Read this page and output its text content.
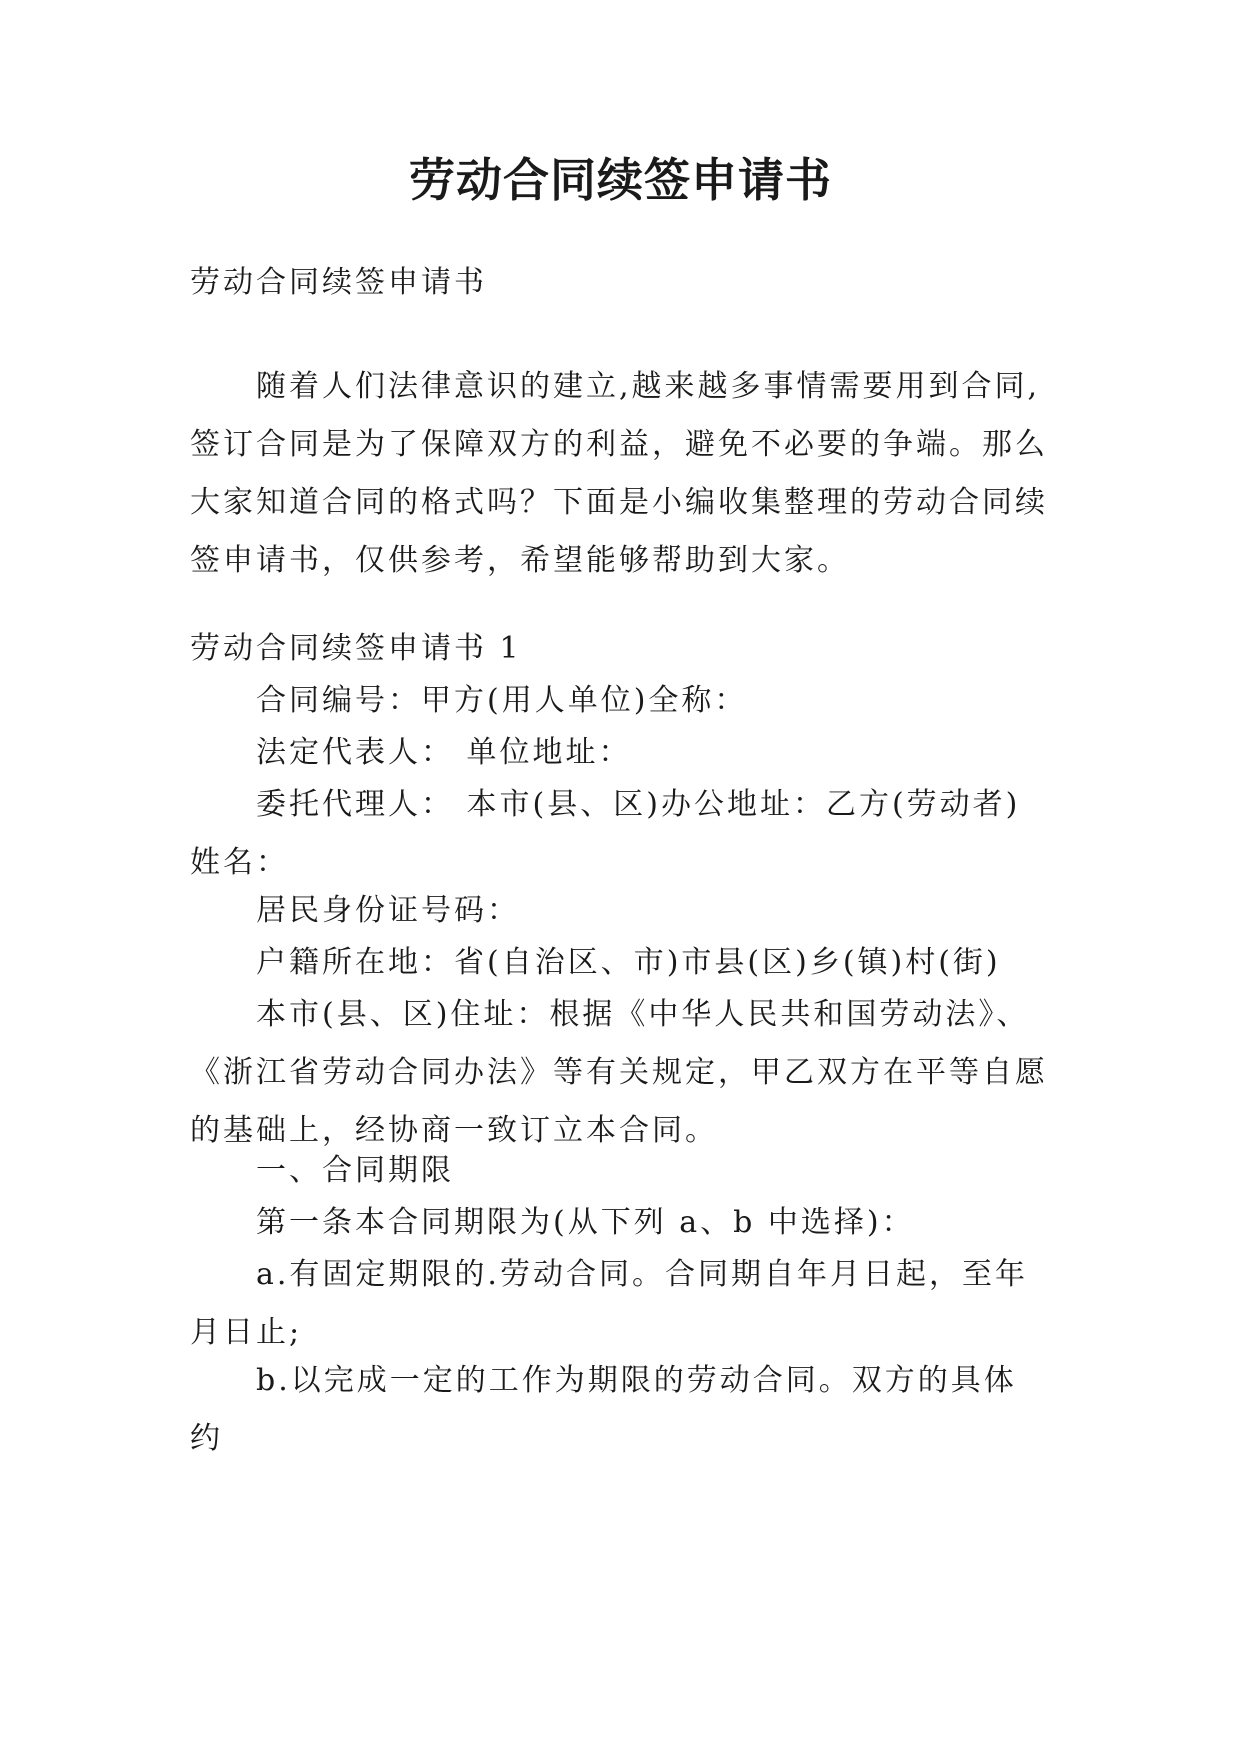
劳动合同续签申请书

劳动合同续签申请书

随着人们法律意识的建立,越来越多事情需要用到合同,签订合同是为了保障双方的利益，避免不必要的争端。那么大家知道合同的格式吗？下面是小编收集整理的劳动合同续签申请书，仅供参考，希望能够帮助到大家。

劳动合同续签申请书 1

合同编号：甲方(用人单位)全称：

法定代表人： 单位地址：

委托代理人： 本市(县、区)办公地址：乙方(劳动者)姓名：

居民身份证号码：

户籍所在地：省(自治区、市)市县(区)乡(镇)村(街)

本市(县、区)住址：根据《中华人民共和国劳动法》、《浙江省劳动合同办法》等有关规定，甲乙双方在平等自愿的基础上，经协商一致订立本合同。

一、合同期限

第一条本合同期限为(从下列 a、b 中选择)：

a.有固定期限的.劳动合同。合同期自年月日起，至年月日止;

b.以完成一定的工作为期限的劳动合同。双方的具体约
